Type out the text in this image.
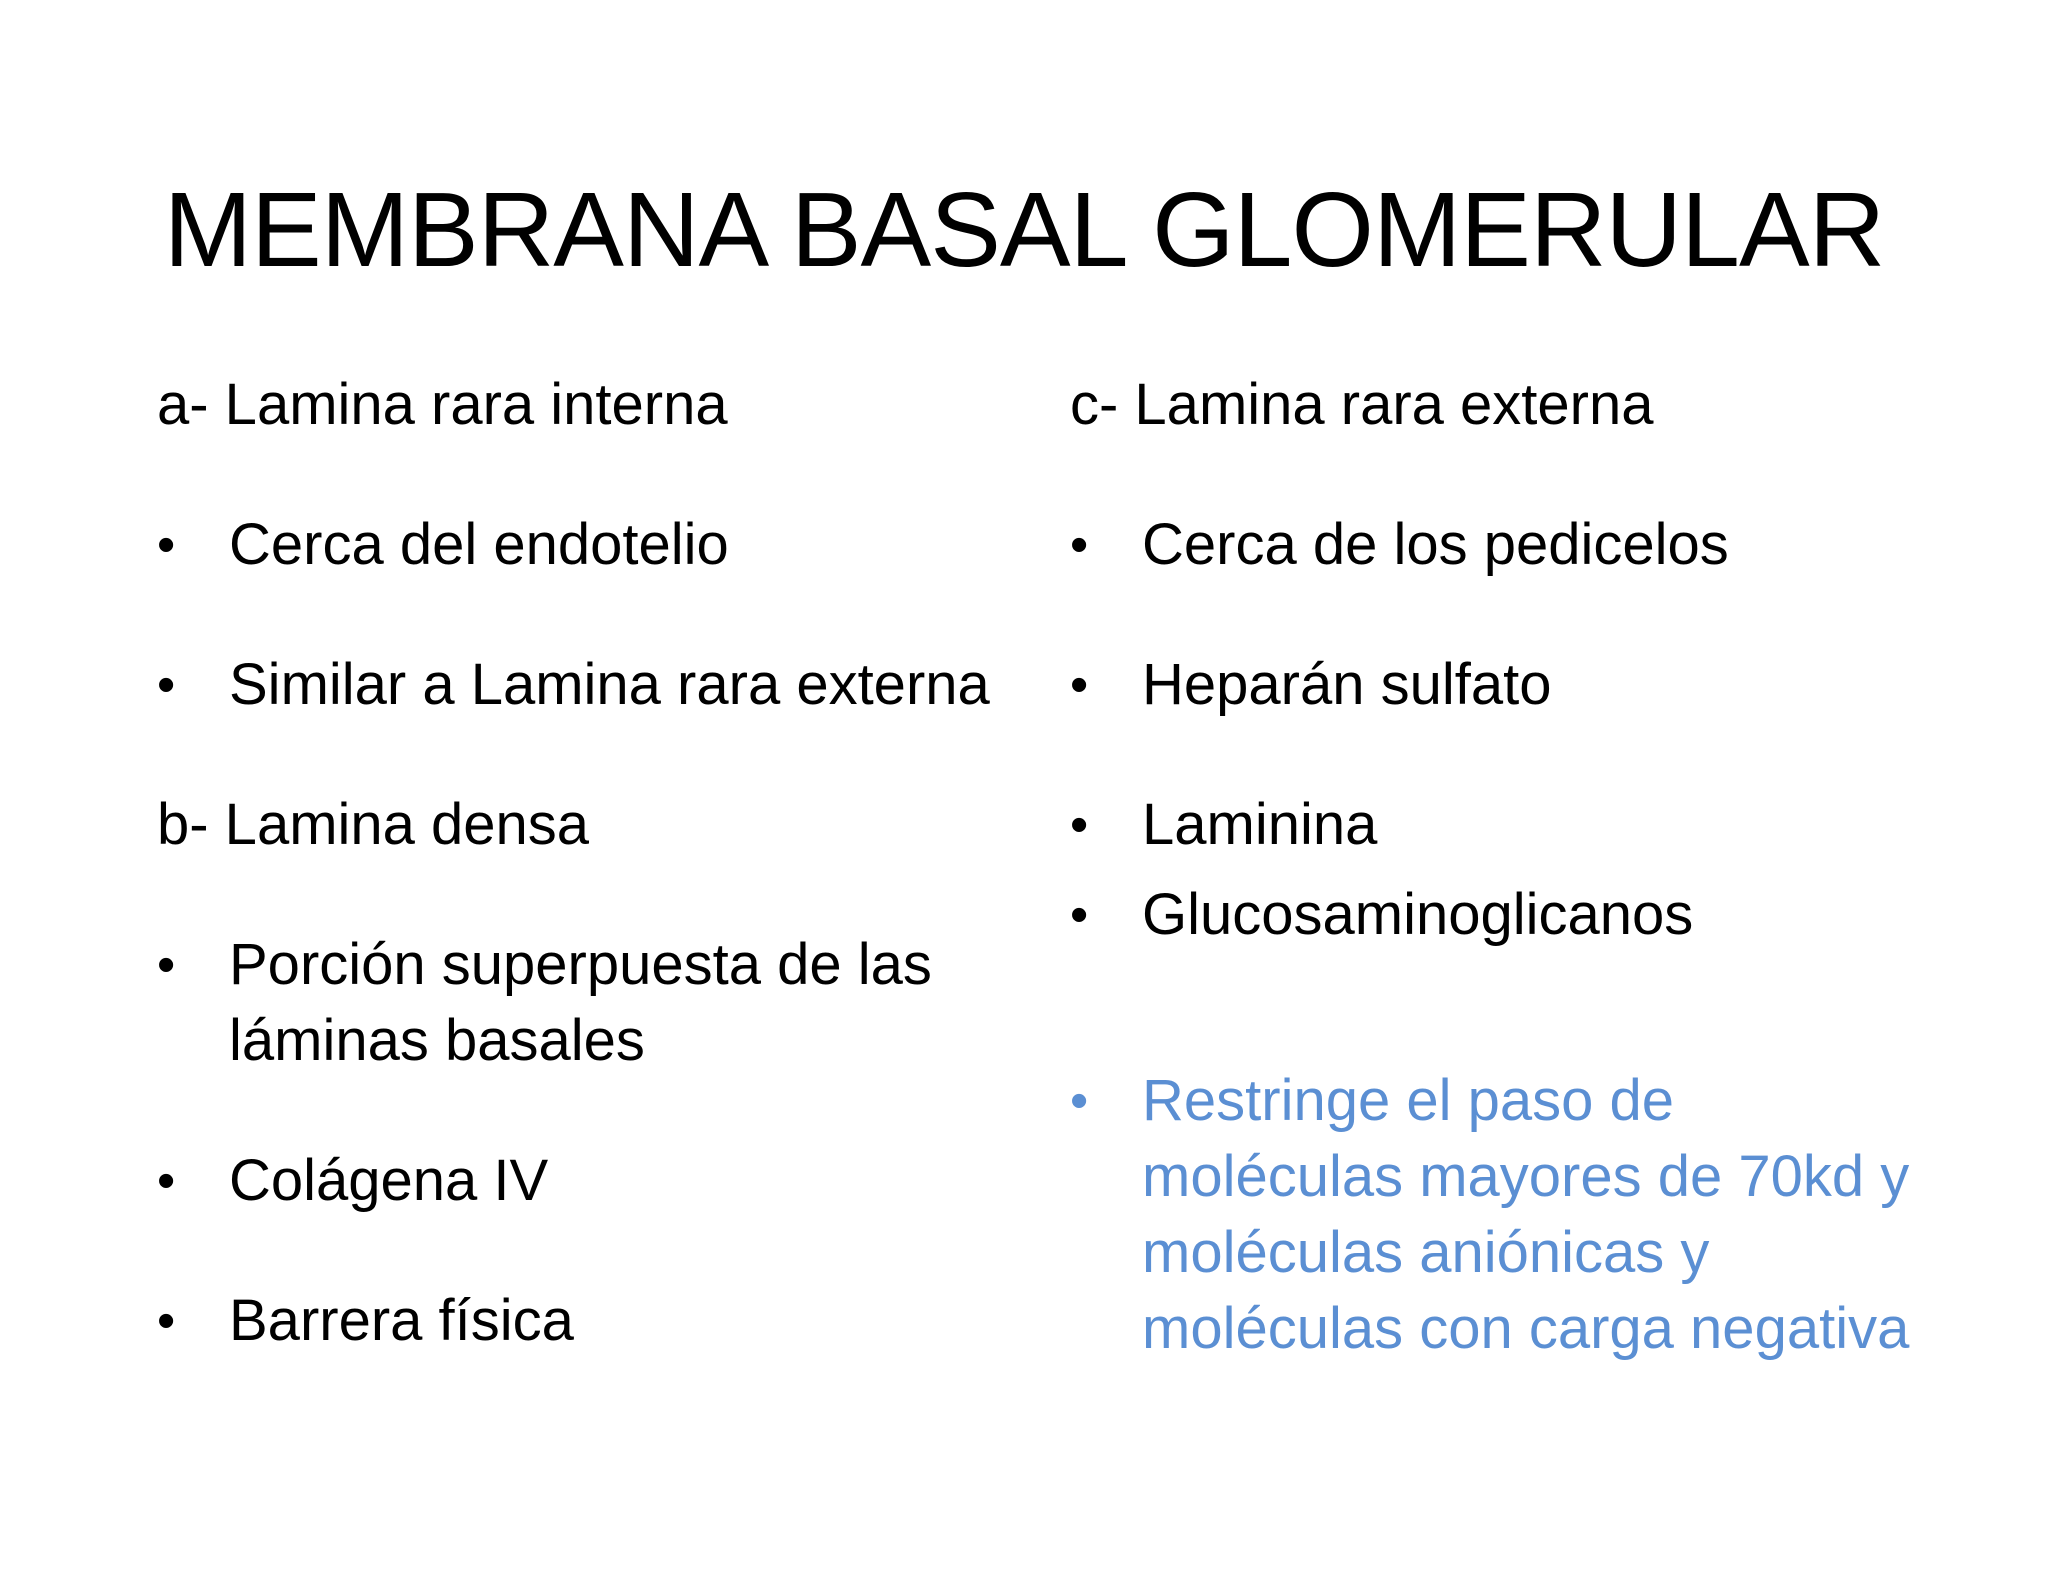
MEMBRANA BASAL GLOMERULAR
a- Lamina rara interna
• Cerca del endotelio
• Similar a Lamina rara externa
b- Lamina densa
• Porción superpuesta de las
láminas basales
• Colágena IV
• Barrera física
c- Lamina rara externa
• Cerca de los pedicelos
• Heparán sulfato
• Laminina
• Glucosaminoglicanos
• Restringe el paso de
moléculas mayores de 70kd y
moléculas aniónicas y
moléculas con carga negativa
